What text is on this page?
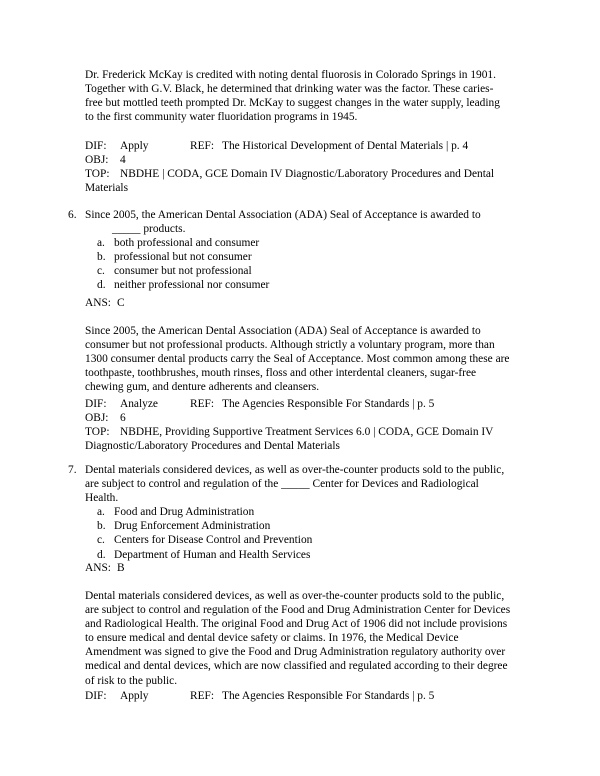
Dr. Frederick McKay is credited with noting dental fluorosis in Colorado Springs in 1901. Together with G.V. Black, he determined that drinking water was the factor. These caries-free but mottled teeth prompted Dr. McKay to suggest changes in the water supply, leading to the first community water fluoridation programs in 1945.

DIF: Apply	REF: The Historical Development of Dental Materials | p. 4
OBJ: 4
TOP: NBDHE | CODA, GCE Domain IV Diagnostic/Laboratory Procedures and Dental Materials
6. Since 2005, the American Dental Association (ADA) Seal of Acceptance is awarded to
_____ products.
a. both professional and consumer
b. professional but not consumer
c. consumer but not professional
d. neither professional nor consumer
ANS: C

Since 2005, the American Dental Association (ADA) Seal of Acceptance is awarded to consumer but not professional products. Although strictly a voluntary program, more than 1300 consumer dental products carry the Seal of Acceptance. Most common among these are toothpaste, toothbrushes, mouth rinses, floss and other interdental cleaners, sugar-free chewing gum, and denture adherents and cleansers.

DIF: Analyze	REF: The Agencies Responsible For Standards | p. 5
OBJ: 6
TOP: NBDHE, Providing Supportive Treatment Services 6.0 | CODA, GCE Domain IV Diagnostic/Laboratory Procedures and Dental Materials
7. Dental materials considered devices, as well as over-the-counter products sold to the public, are subject to control and regulation of the _____ Center for Devices and Radiological Health.
a. Food and Drug Administration
b. Drug Enforcement Administration
c. Centers for Disease Control and Prevention
d. Department of Human and Health Services
ANS: B

Dental materials considered devices, as well as over-the-counter products sold to the public, are subject to control and regulation of the Food and Drug Administration Center for Devices and Radiological Health. The original Food and Drug Act of 1906 did not include provisions to ensure medical and dental device safety or claims. In 1976, the Medical Device Amendment was signed to give the Food and Drug Administration regulatory authority over medical and dental devices, which are now classified and regulated according to their degree of risk to the public.

DIF: Apply	REF: The Agencies Responsible For Standards | p. 5
